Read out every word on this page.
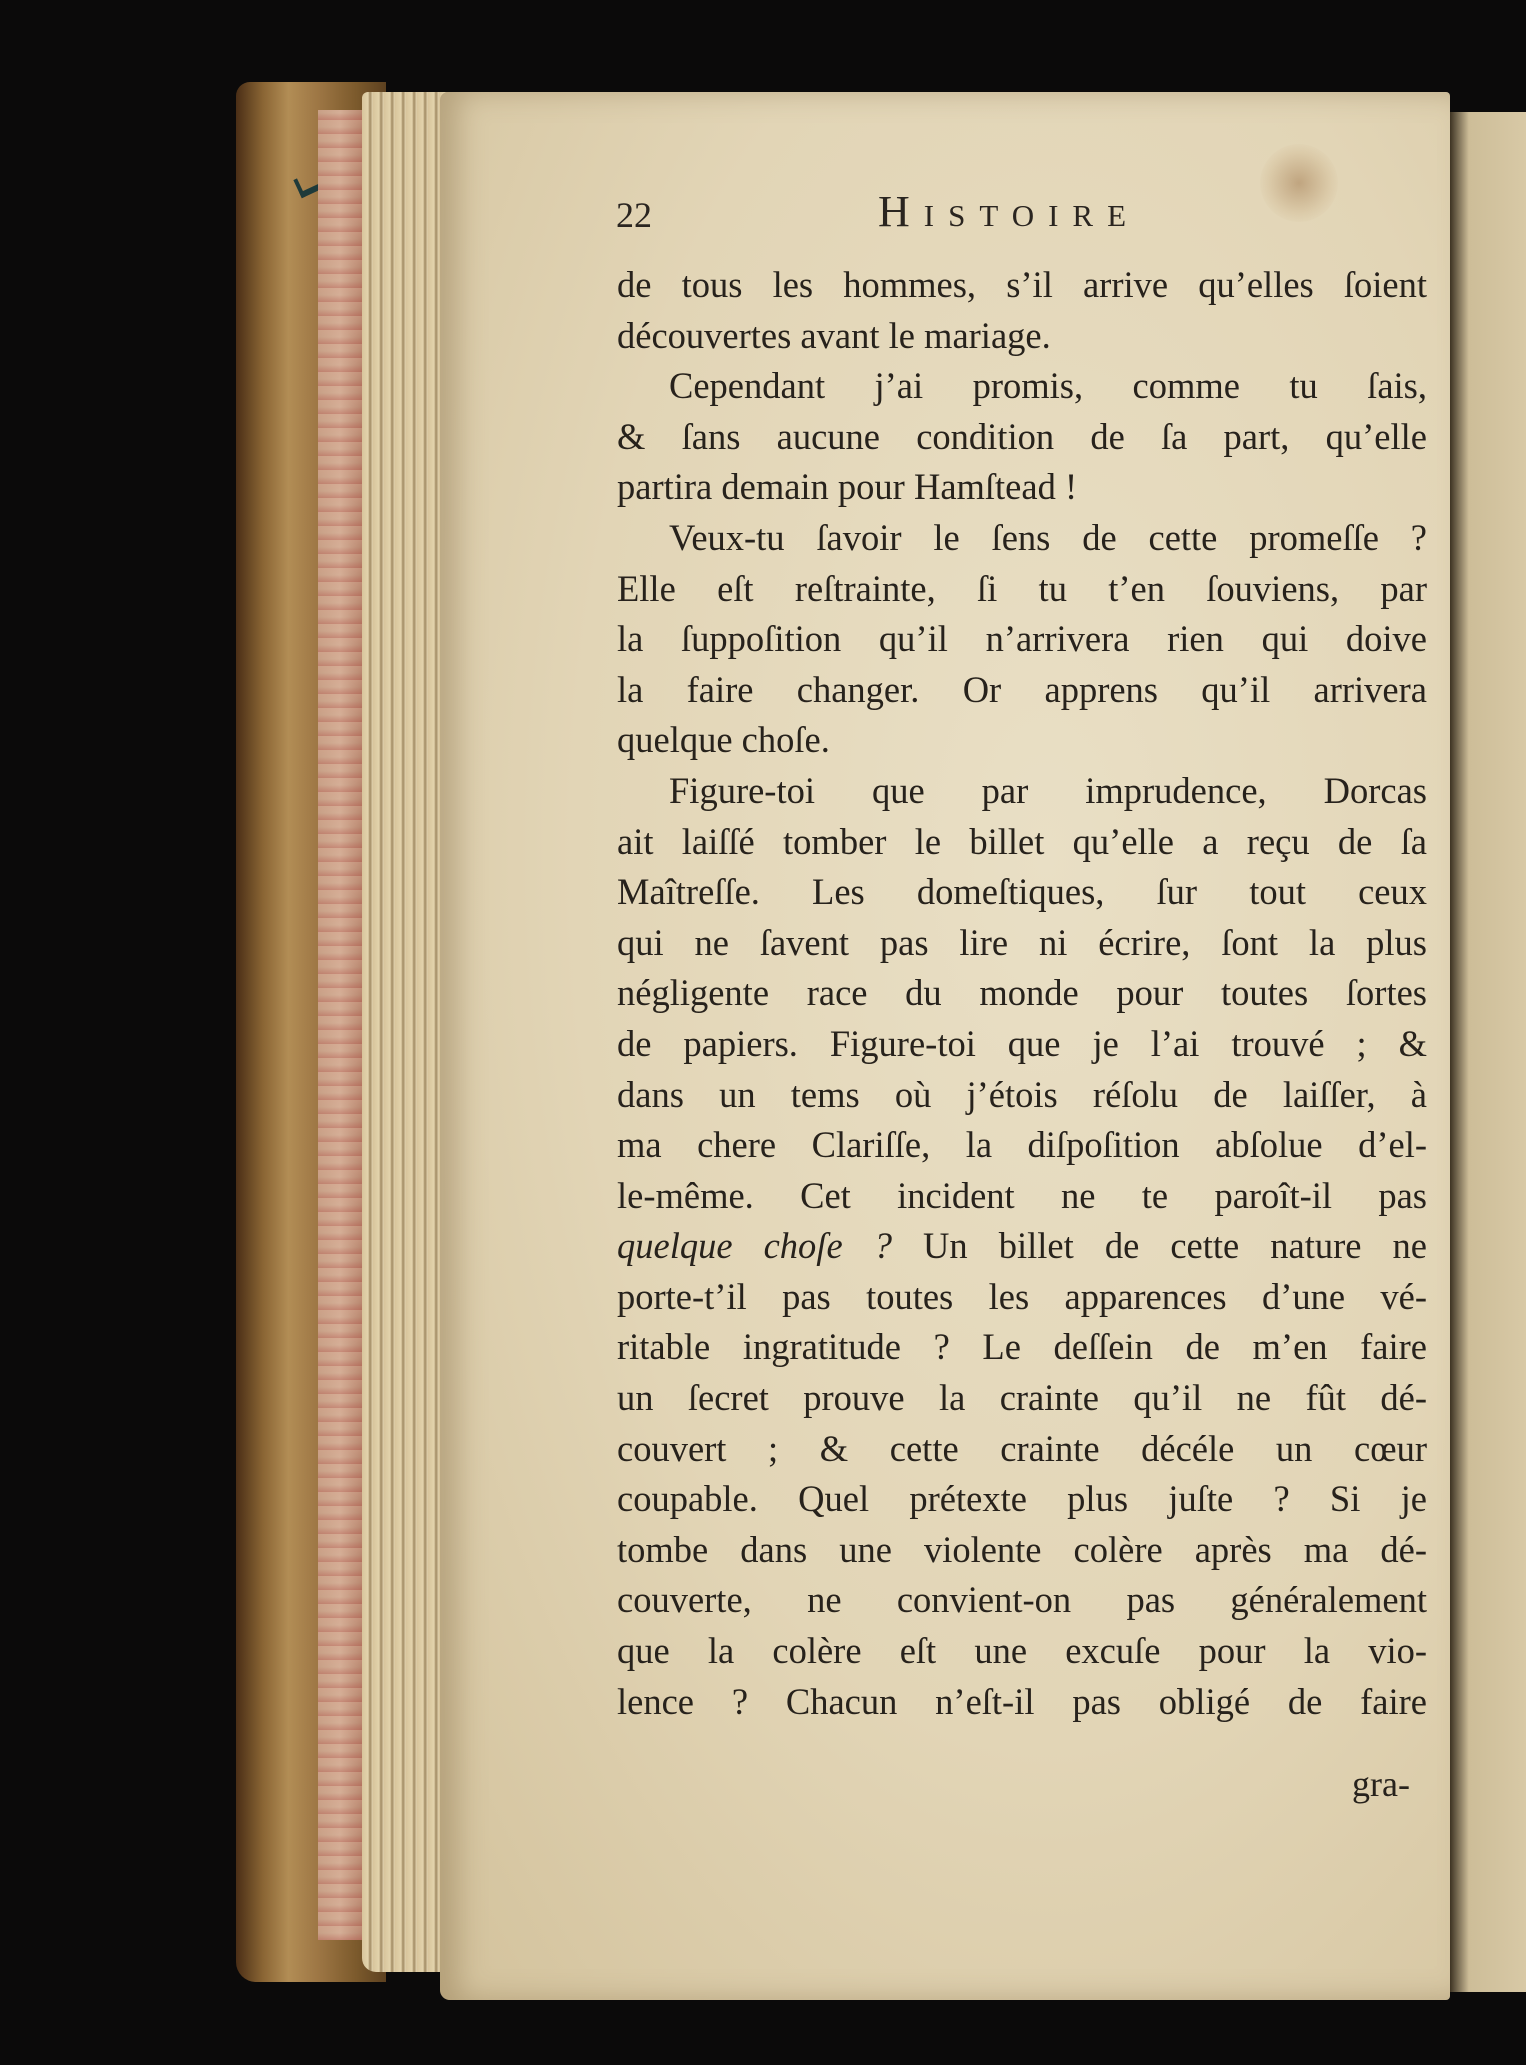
22	Histoire
de tous les hommes, s’il arrive qu’elles ſoient
découvertes avant le mariage.
Cependant j’ai promis, comme tu ſais,
& ſans aucune condition de ſa part, qu’elle
partira demain pour Hamſtead !
Veux-tu ſavoir le ſens de cette promeſſe ?
Elle eſt reſtrainte, ſi tu t’en ſouviens, par
la ſuppoſition qu’il n’arrivera rien qui doive
la faire changer. Or apprens qu’il arrivera
quelque choſe.
Figure-toi que par imprudence, Dorcas
ait laiſſé tomber le billet qu’elle a reçu de ſa
Maîtreſſe. Les domeſtiques, ſur tout ceux
qui ne ſavent pas lire ni écrire, ſont la plus
négligente race du monde pour toutes ſortes
de papiers. Figure-toi que je l’ai trouvé ; &
dans un tems où j’étois réſolu de laiſſer, à
ma chere Clariſſe, la diſpoſition abſolue d’el-
le-même. Cet incident ne te paroît-il pas
quelque choſe ? Un billet de cette nature ne
porte-t’il pas toutes les apparences d’une vé-
ritable ingratitude ? Le deſſein de m’en faire
un ſecret prouve la crainte qu’il ne fût dé-
couvert ; & cette crainte décéle un cœur
coupable. Quel prétexte plus juſte ? Si je
tombe dans une violente colère après ma dé-
couverte, ne convient-on pas généralement
que la colère eſt une excuſe pour la vio-
lence ? Chacun n’eſt-il pas obligé de faire
gra-
